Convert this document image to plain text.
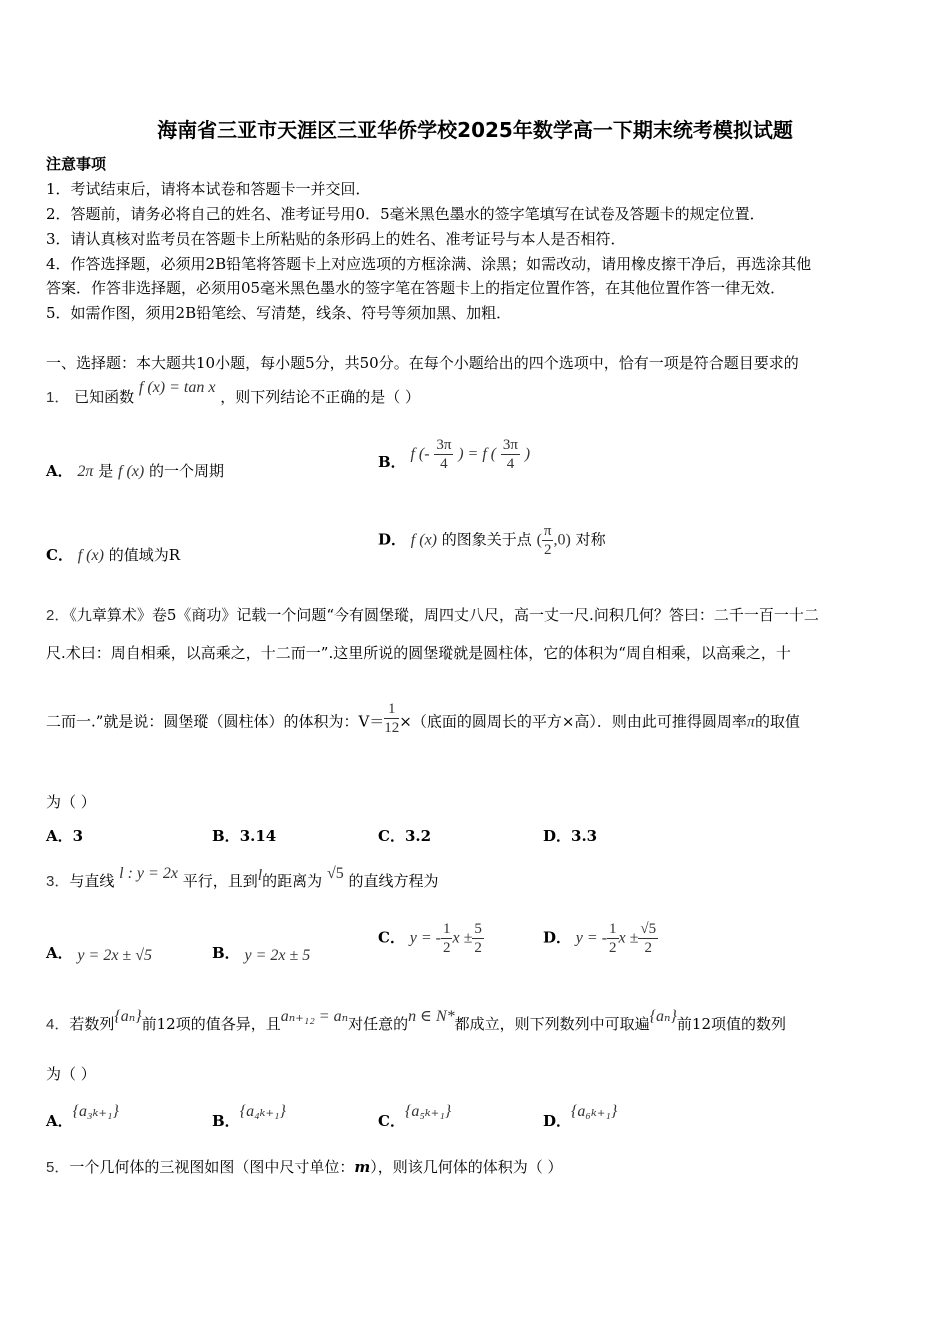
海南省三亚市天涯区三亚华侨学校2025年数学高一下期末统考模拟试题
注意事项
1．考试结束后，请将本试卷和答题卡一并交回．
2．答题前，请务必将自己的姓名、准考证号用0．5毫米黑色墨水的签字笔填写在试卷及答题卡的规定位置．
3．请认真核对监考员在答题卡上所粘贴的条形码上的姓名、准考证号与本人是否相符．
4．作答选择题，必须用2B铅笔将答题卡上对应选项的方框涂满、涂黑；如需改动，请用橡皮擦干净后，再选涂其他
答案．作答非选择题，必须用05毫米黑色墨水的签字笔在答题卡上的指定位置作答，在其他位置作答一律无效．
5．如需作图，须用2B铅笔绘、写清楚，线条、符号等须加黑、加粗．
一、选择题：本大题共10小题，每小题5分，共50分。在每个小题给出的四个选项中，恰有一项是符合题目要求的
1． 已知函数 f (x) = tan x ，则下列结论不正确的是（ ）
A． 2π 是 f (x) 的一个周期
B． f (- $\frac{3\pi}{4}$ ) = f ( $\frac{3\pi}{4}$ )
C． f (x) 的值域为R
D． f (x) 的图象关于点 ( $\frac{\pi}{2} ,0$) 对称
2．《九章算术》卷5《商功》记载一个问题“今有圆堡瑽，周四丈八尺，高一丈一尺.问积几何？答曰：二千一百一十二
尺.术曰：周自相乘，以高乘之，十二而一”.这里所说的圆堡瑽就是圆柱体，它的体积为“周自相乘，以高乘之，十
二而一.”就是说：圆堡瑽（圆柱体）的体积为：$V= \frac{1}{12}$ ×（底面的圆周长的平方×高）．则由此可推得圆周率π的取值
为（ ）
A．3	B．3.14	C．3.2	D．3.3
3．与直线 l : y = 2x 平行，且到l的距离为 √5 的直线方程为
A． y = 2x ± √5	B． y = 2x ± 5
C． y = - $\frac{1}{2}$ $x \pm \frac{5}{2}$	D． y = - $\frac{1}{2}$ $x \pm \frac{√5}{2}$
4．若数列{aₙ}前12项的值各异，且aₙ₊₁₂ = aₙ对任意的n ∈ N*都成立，则下列数列中可取遍{aₙ}前12项值的数列
为（ ）
A．{a₃ₖ₊₁}
B．{a₄ₖ₊₁}
C．{a₅ₖ₊₁}
D．{a₆ₖ₊₁}
5．一个几何体的三视图如图（图中尺寸单位：m），则该几何体的体积为（ ）
